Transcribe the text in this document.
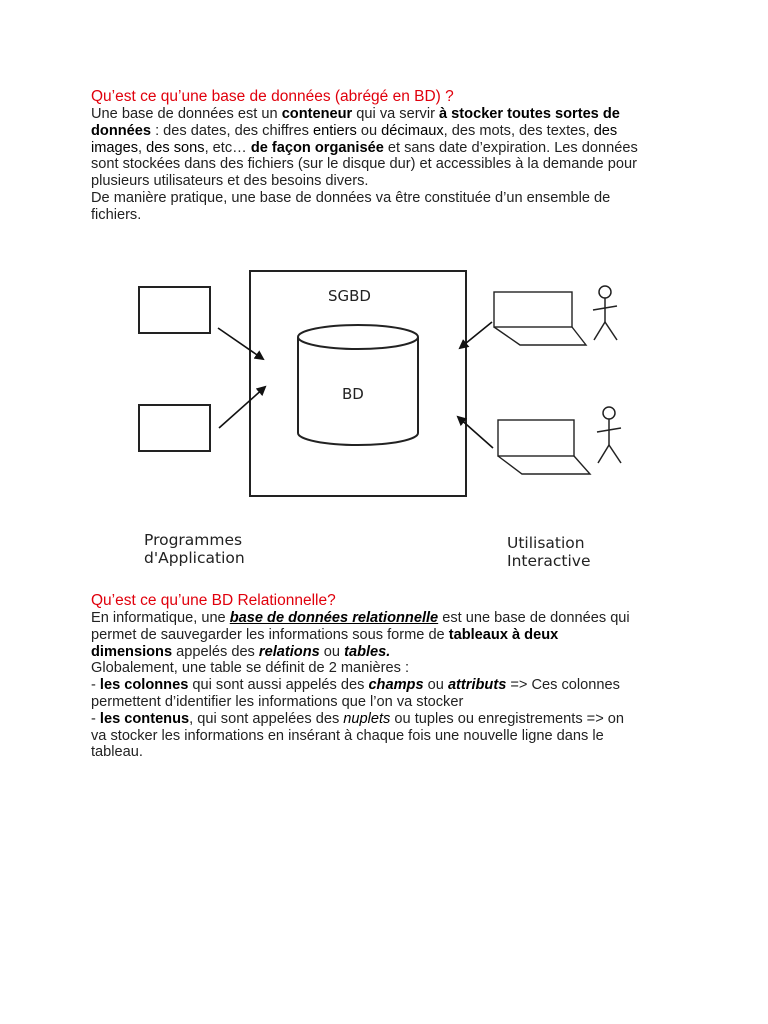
Qu’est ce qu’une base de données (abrégé en BD) ?
Une base de données est un conteneur qui va servir à stocker toutes sortes de
données : des dates, des chiffres entiers ou décimaux, des mots, des textes, des
images, des sons, etc… de façon organisée et sans date d’expiration. Les données
sont stockées dans des fichiers (sur le disque dur) et accessibles à la demande pour
plusieurs utilisateurs et des besoins divers.
De manière pratique, une base de données va être constituée d’un ensemble de
fichiers.
SGBD
BD
Programmes
d'Application
Utilisation
Interactive
Qu’est ce qu’une BD Relationnelle?
En informatique, une base de données relationnelle est une base de données qui
permet de sauvegarder les informations sous forme de tableaux à deux
dimensions appelés des relations ou tables.
Globalement, une table se définit de 2 manières :
- les colonnes qui sont aussi appelés des champs ou attributs => Ces colonnes
permettent d’identifier les informations que l’on va stocker
- les contenus, qui sont appelées des nuplets ou tuples ou enregistrements => on
va stocker les informations en insérant à chaque fois une nouvelle ligne dans le
tableau.
